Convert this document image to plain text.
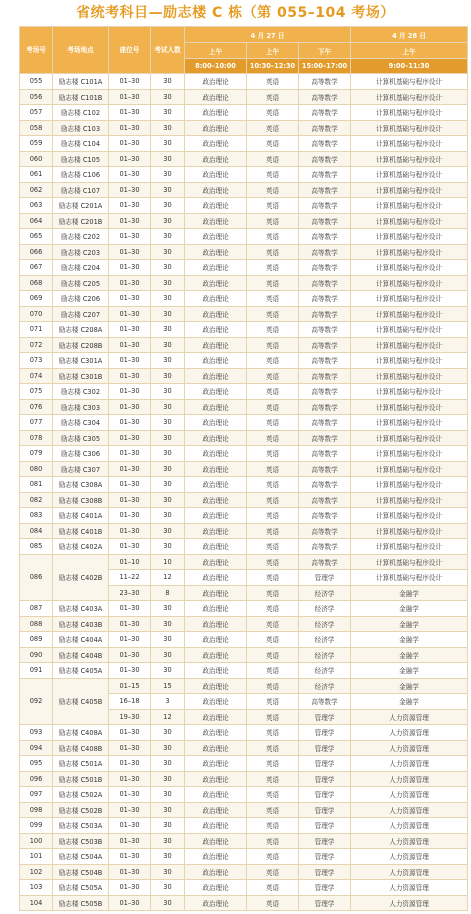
省统考科目—励志楼 C 栋（第 055–104 考场）
考场号	考场地点	座位号	考试人数	4 月 27 日			4 月 28 日
				上午	上午	下午	上午
				8:00–10:00	10:30–12:30	15:00–17:00	9:00–11:30
055	励志楼 C101A	01–30	30	政治理论	英语	高等数学	计算机基础与程序设计
056	励志楼 C101B	01–30	30	政治理论	英语	高等数学	计算机基础与程序设计
057	励志楼 C102	01–30	30	政治理论	英语	高等数学	计算机基础与程序设计
058	励志楼 C103	01–30	30	政治理论	英语	高等数学	计算机基础与程序设计
059	励志楼 C104	01–30	30	政治理论	英语	高等数学	计算机基础与程序设计
060	励志楼 C105	01–30	30	政治理论	英语	高等数学	计算机基础与程序设计
061	励志楼 C106	01–30	30	政治理论	英语	高等数学	计算机基础与程序设计
062	励志楼 C107	01–30	30	政治理论	英语	高等数学	计算机基础与程序设计
063	励志楼 C201A	01–30	30	政治理论	英语	高等数学	计算机基础与程序设计
064	励志楼 C201B	01–30	30	政治理论	英语	高等数学	计算机基础与程序设计
065	励志楼 C202	01–30	30	政治理论	英语	高等数学	计算机基础与程序设计
066	励志楼 C203	01–30	30	政治理论	英语	高等数学	计算机基础与程序设计
067	励志楼 C204	01–30	30	政治理论	英语	高等数学	计算机基础与程序设计
068	励志楼 C205	01–30	30	政治理论	英语	高等数学	计算机基础与程序设计
069	励志楼 C206	01–30	30	政治理论	英语	高等数学	计算机基础与程序设计
070	励志楼 C207	01–30	30	政治理论	英语	高等数学	计算机基础与程序设计
071	励志楼 C208A	01–30	30	政治理论	英语	高等数学	计算机基础与程序设计
072	励志楼 C208B	01–30	30	政治理论	英语	高等数学	计算机基础与程序设计
073	励志楼 C301A	01–30	30	政治理论	英语	高等数学	计算机基础与程序设计
074	励志楼 C301B	01–30	30	政治理论	英语	高等数学	计算机基础与程序设计
075	励志楼 C302	01–30	30	政治理论	英语	高等数学	计算机基础与程序设计
076	励志楼 C303	01–30	30	政治理论	英语	高等数学	计算机基础与程序设计
077	励志楼 C304	01–30	30	政治理论	英语	高等数学	计算机基础与程序设计
078	励志楼 C305	01–30	30	政治理论	英语	高等数学	计算机基础与程序设计
079	励志楼 C306	01–30	30	政治理论	英语	高等数学	计算机基础与程序设计
080	励志楼 C307	01–30	30	政治理论	英语	高等数学	计算机基础与程序设计
081	励志楼 C308A	01–30	30	政治理论	英语	高等数学	计算机基础与程序设计
082	励志楼 C308B	01–30	30	政治理论	英语	高等数学	计算机基础与程序设计
083	励志楼 C401A	01–30	30	政治理论	英语	高等数学	计算机基础与程序设计
084	励志楼 C401B	01–30	30	政治理论	英语	高等数学	计算机基础与程序设计
085	励志楼 C402A	01–30	30	政治理论	英语	高等数学	计算机基础与程序设计
086	励志楼 C402B	01–10	10	政治理论	英语	高等数学	计算机基础与程序设计
		11–22	12	政治理论	英语	管理学	计算机基础与程序设计
		23–30	8	政治理论	英语	经济学	金融学
087	励志楼 C403A	01–30	30	政治理论	英语	经济学	金融学
088	励志楼 C403B	01–30	30	政治理论	英语	经济学	金融学
089	励志楼 C404A	01–30	30	政治理论	英语	经济学	金融学
090	励志楼 C404B	01–30	30	政治理论	英语	经济学	金融学
091	励志楼 C405A	01–30	30	政治理论	英语	经济学	金融学
092	励志楼 C405B	01–15	15	政治理论	英语	经济学	金融学
		16–18	3	政治理论	英语	高等数学	金融学
		19–30	12	政治理论	英语	管理学	人力资源管理
093	励志楼 C408A	01–30	30	政治理论	英语	管理学	人力资源管理
094	励志楼 C408B	01–30	30	政治理论	英语	管理学	人力资源管理
095	励志楼 C501A	01–30	30	政治理论	英语	管理学	人力资源管理
096	励志楼 C501B	01–30	30	政治理论	英语	管理学	人力资源管理
097	励志楼 C502A	01–30	30	政治理论	英语	管理学	人力资源管理
098	励志楼 C502B	01–30	30	政治理论	英语	管理学	人力资源管理
099	励志楼 C503A	01–30	30	政治理论	英语	管理学	人力资源管理
100	励志楼 C503B	01–30	30	政治理论	英语	管理学	人力资源管理
101	励志楼 C504A	01–30	30	政治理论	英语	管理学	人力资源管理
102	励志楼 C504B	01–30	30	政治理论	英语	管理学	人力资源管理
103	励志楼 C505A	01–30	30	政治理论	英语	管理学	人力资源管理
104	励志楼 C505B	01–30	30	政治理论	英语	管理学	人力资源管理
